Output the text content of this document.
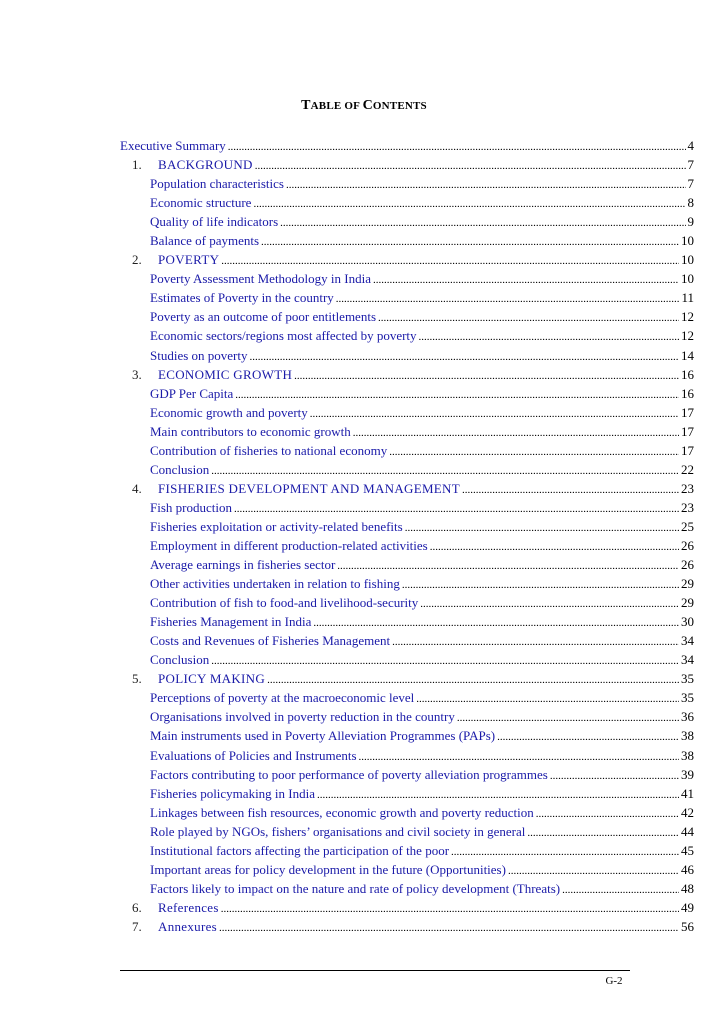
TABLE OF CONTENTS
Executive Summary .....	4
1.	BACKGROUND .....	7
Population characteristics .....	7
Economic structure .....	8
Quality of life indicators .....	9
Balance of payments .....	10
2.	POVERTY .....	10
Poverty Assessment Methodology in India .....	10
Estimates of Poverty in the country .....	11
Poverty as an outcome of poor entitlements .....	12
Economic sectors/regions most affected by poverty .....	12
Studies on poverty .....	14
3.	ECONOMIC GROWTH .....	16
GDP Per Capita .....	16
Economic growth and poverty .....	17
Main contributors to economic growth .....	17
Contribution of fisheries to national economy .....	17
Conclusion .....	22
4.	FISHERIES DEVELOPMENT AND MANAGEMENT .....	23
Fish production .....	23
Fisheries exploitation or activity-related benefits .....	25
Employment in different production-related activities .....	26
Average earnings in fisheries sector .....	26
Other activities undertaken in relation to fishing .....	29
Contribution of fish to food-and livelihood-security .....	29
Fisheries Management in India .....	30
Costs and Revenues of Fisheries Management .....	34
Conclusion .....	34
5.	POLICY MAKING .....	35
Perceptions of poverty at the macroeconomic level .....	35
Organisations involved in poverty reduction in the country .....	36
Main instruments used in Poverty Alleviation Programmes (PAPs) .....	38
Evaluations of Policies and Instruments .....	38
Factors contributing to poor performance of poverty alleviation programmes .....	39
Fisheries policymaking in India .....	41
Linkages between fish resources, economic growth and poverty reduction .....	42
Role played by NGOs, fishers’ organisations and civil society in general .....	44
Institutional factors affecting the participation of the poor .....	45
Important areas for policy development in the future (Opportunities) .....	46
Factors likely to impact on the nature and rate of policy development (Threats) .....	48
6.	References .....	49
7.	Annexures .....	56
G-2
